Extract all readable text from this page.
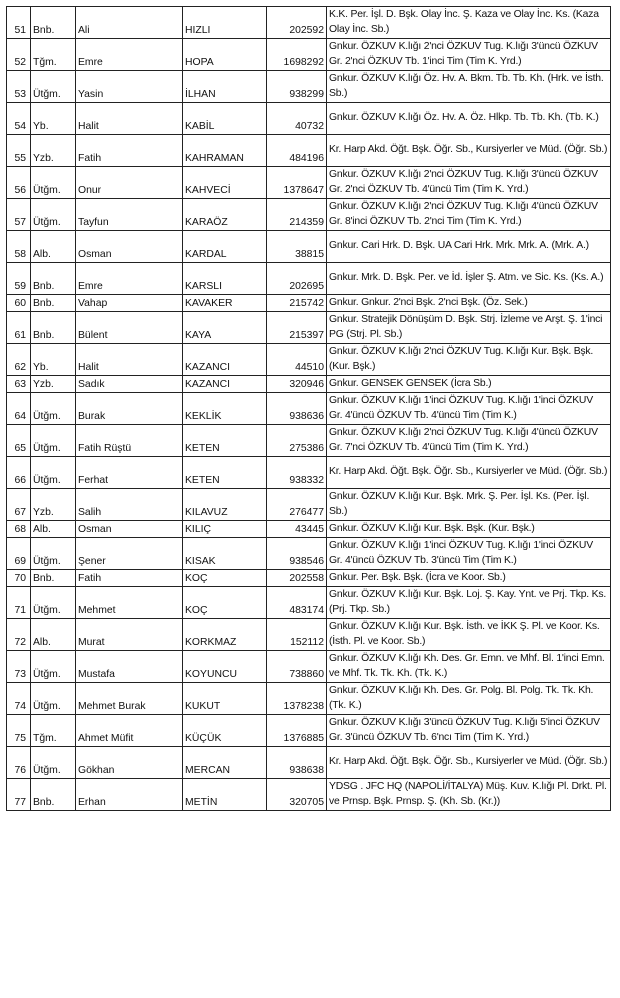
51	Bnb.	Ali	HIZLI	202592	K.K. Per. İşl. D. Bşk. Olay İnc. Ş. Kaza ve Olay İnc. Ks. (Kaza Olay İnc. Sb.)
52	Tğm.	Emre	HOPA	1698292	Gnkur. ÖZKUV K.lığı 2'nci ÖZKUV Tug. K.lığı 3'üncü ÖZKUV Gr. 2'nci ÖZKUV Tb. 1'inci Tim (Tim K. Yrd.)
53	Ütğm.	Yasin	İLHAN	938299	Gnkur. ÖZKUV K.lığı Öz. Hv. A. Bkm. Tb. Tb. Kh. (Hrk. ve İsth. Sb.)
54	Yb.	Halit	KABİL	40732	Gnkur. ÖZKUV K.lığı Öz. Hv. A. Öz. Hlkp. Tb. Tb. Kh. (Tb. K.)
55	Yzb.	Fatih	KAHRAMAN	484196	Kr. Harp Akd. Öğt. Bşk. Öğr. Sb., Kursiyerler ve Müd. (Öğr. Sb.)
56	Ütğm.	Onur	KAHVECİ	1378647	Gnkur. ÖZKUV K.lığı 2'nci ÖZKUV Tug. K.lığı 3'üncü ÖZKUV Gr. 2'nci ÖZKUV Tb. 4'üncü Tim (Tim K. Yrd.)
57	Ütğm.	Tayfun	KARAÖZ	214359	Gnkur. ÖZKUV K.lığı 2'nci ÖZKUV Tug. K.lığı 4'üncü ÖZKUV Gr. 8'inci ÖZKUV Tb. 2'nci Tim (Tim K. Yrd.)
58	Alb.	Osman	KARDAL	38815	Gnkur. Cari Hrk. D. Bşk. UA Cari Hrk. Mrk. Mrk. A. (Mrk. A.)
59	Bnb.	Emre	KARSLI	202695	Gnkur. Mrk. D. Bşk. Per. ve İd. İşler Ş. Atm. ve Sic. Ks. (Ks. A.)
60	Bnb.	Vahap	KAVAKER	215742	Gnkur. Gnkur. 2'nci Bşk. 2'nci Bşk. (Öz. Sek.)
61	Bnb.	Bülent	KAYA	215397	Gnkur. Stratejik Dönüşüm D. Bşk. Strj. İzleme ve Arşt. Ş. 1'inci PG (Strj. Pl. Sb.)
62	Yb.	Halit	KAZANCI	44510	Gnkur. ÖZKUV K.lığı 2'nci ÖZKUV Tug. K.lığı Kur. Bşk. Bşk. (Kur. Bşk.)
63	Yzb.	Sadık	KAZANCI	320946	Gnkur. GENSEK GENSEK (İcra Sb.)
64	Ütğm.	Burak	KEKLİK	938636	Gnkur. ÖZKUV K.lığı 1'inci ÖZKUV Tug. K.lığı 1'inci ÖZKUV Gr. 4'üncü ÖZKUV Tb. 4'üncü Tim (Tim K.)
65	Ütğm.	Fatih Rüştü	KETEN	275386	Gnkur. ÖZKUV K.lığı 2'nci ÖZKUV Tug. K.lığı 4'üncü ÖZKUV Gr. 7'nci ÖZKUV Tb. 4'üncü Tim (Tim K. Yrd.)
66	Ütğm.	Ferhat	KETEN	938332	Kr. Harp Akd. Öğt. Bşk. Öğr. Sb., Kursiyerler ve Müd. (Öğr. Sb.)
67	Yzb.	Salih	KILAVUZ	276477	Gnkur. ÖZKUV K.lığı Kur. Bşk. Mrk. Ş. Per. İşl. Ks. (Per. İşl. Sb.)
68	Alb.	Osman	KILIÇ	43445	Gnkur. ÖZKUV K.lığı Kur. Bşk. Bşk. (Kur. Bşk.)
69	Ütğm.	Şener	KISAK	938546	Gnkur. ÖZKUV K.lığı 1'inci ÖZKUV Tug. K.lığı 1'inci ÖZKUV Gr. 4'üncü ÖZKUV Tb. 3'üncü Tim (Tim K.)
70	Bnb.	Fatih	KOÇ	202558	Gnkur. Per. Bşk. Bşk. (İcra ve Koor. Sb.)
71	Ütğm.	Mehmet	KOÇ	483174	Gnkur. ÖZKUV K.lığı Kur. Bşk. Loj. Ş. Kay. Ynt. ve Prj. Tkp. Ks. (Prj. Tkp. Sb.)
72	Alb.	Murat	KORKMAZ	152112	Gnkur. ÖZKUV K.lığı Kur. Bşk. İsth. ve İKK Ş. Pl. ve Koor. Ks. (İsth. Pl. ve Koor. Sb.)
73	Ütğm.	Mustafa	KOYUNCU	738860	Gnkur. ÖZKUV K.lığı Kh. Des. Gr. Emn. ve Mhf. Bl. 1'inci Emn. ve Mhf. Tk. Tk. Kh. (Tk. K.)
74	Ütğm.	Mehmet Burak	KUKUT	1378238	Gnkur. ÖZKUV K.lığı Kh. Des. Gr. Polg. Bl. Polg. Tk. Tk. Kh. (Tk. K.)
75	Tğm.	Ahmet Müfit	KÜÇÜK	1376885	Gnkur. ÖZKUV K.lığı 3'üncü ÖZKUV Tug. K.lığı 5'inci ÖZKUV Gr. 3'üncü ÖZKUV Tb. 6'ncı Tim (Tim K. Yrd.)
76	Ütğm.	Gökhan	MERCAN	938638	Kr. Harp Akd. Öğt. Bşk. Öğr. Sb., Kursiyerler ve Müd. (Öğr. Sb.)
77	Bnb.	Erhan	METİN	320705	YDSG . JFC HQ (NAPOLİ/İTALYA) Müş. Kuv. K.lığı Pl. Drkt. Pl. ve Prnsp. Bşk. Prnsp. Ş. (Kh. Sb. (Kr.))
